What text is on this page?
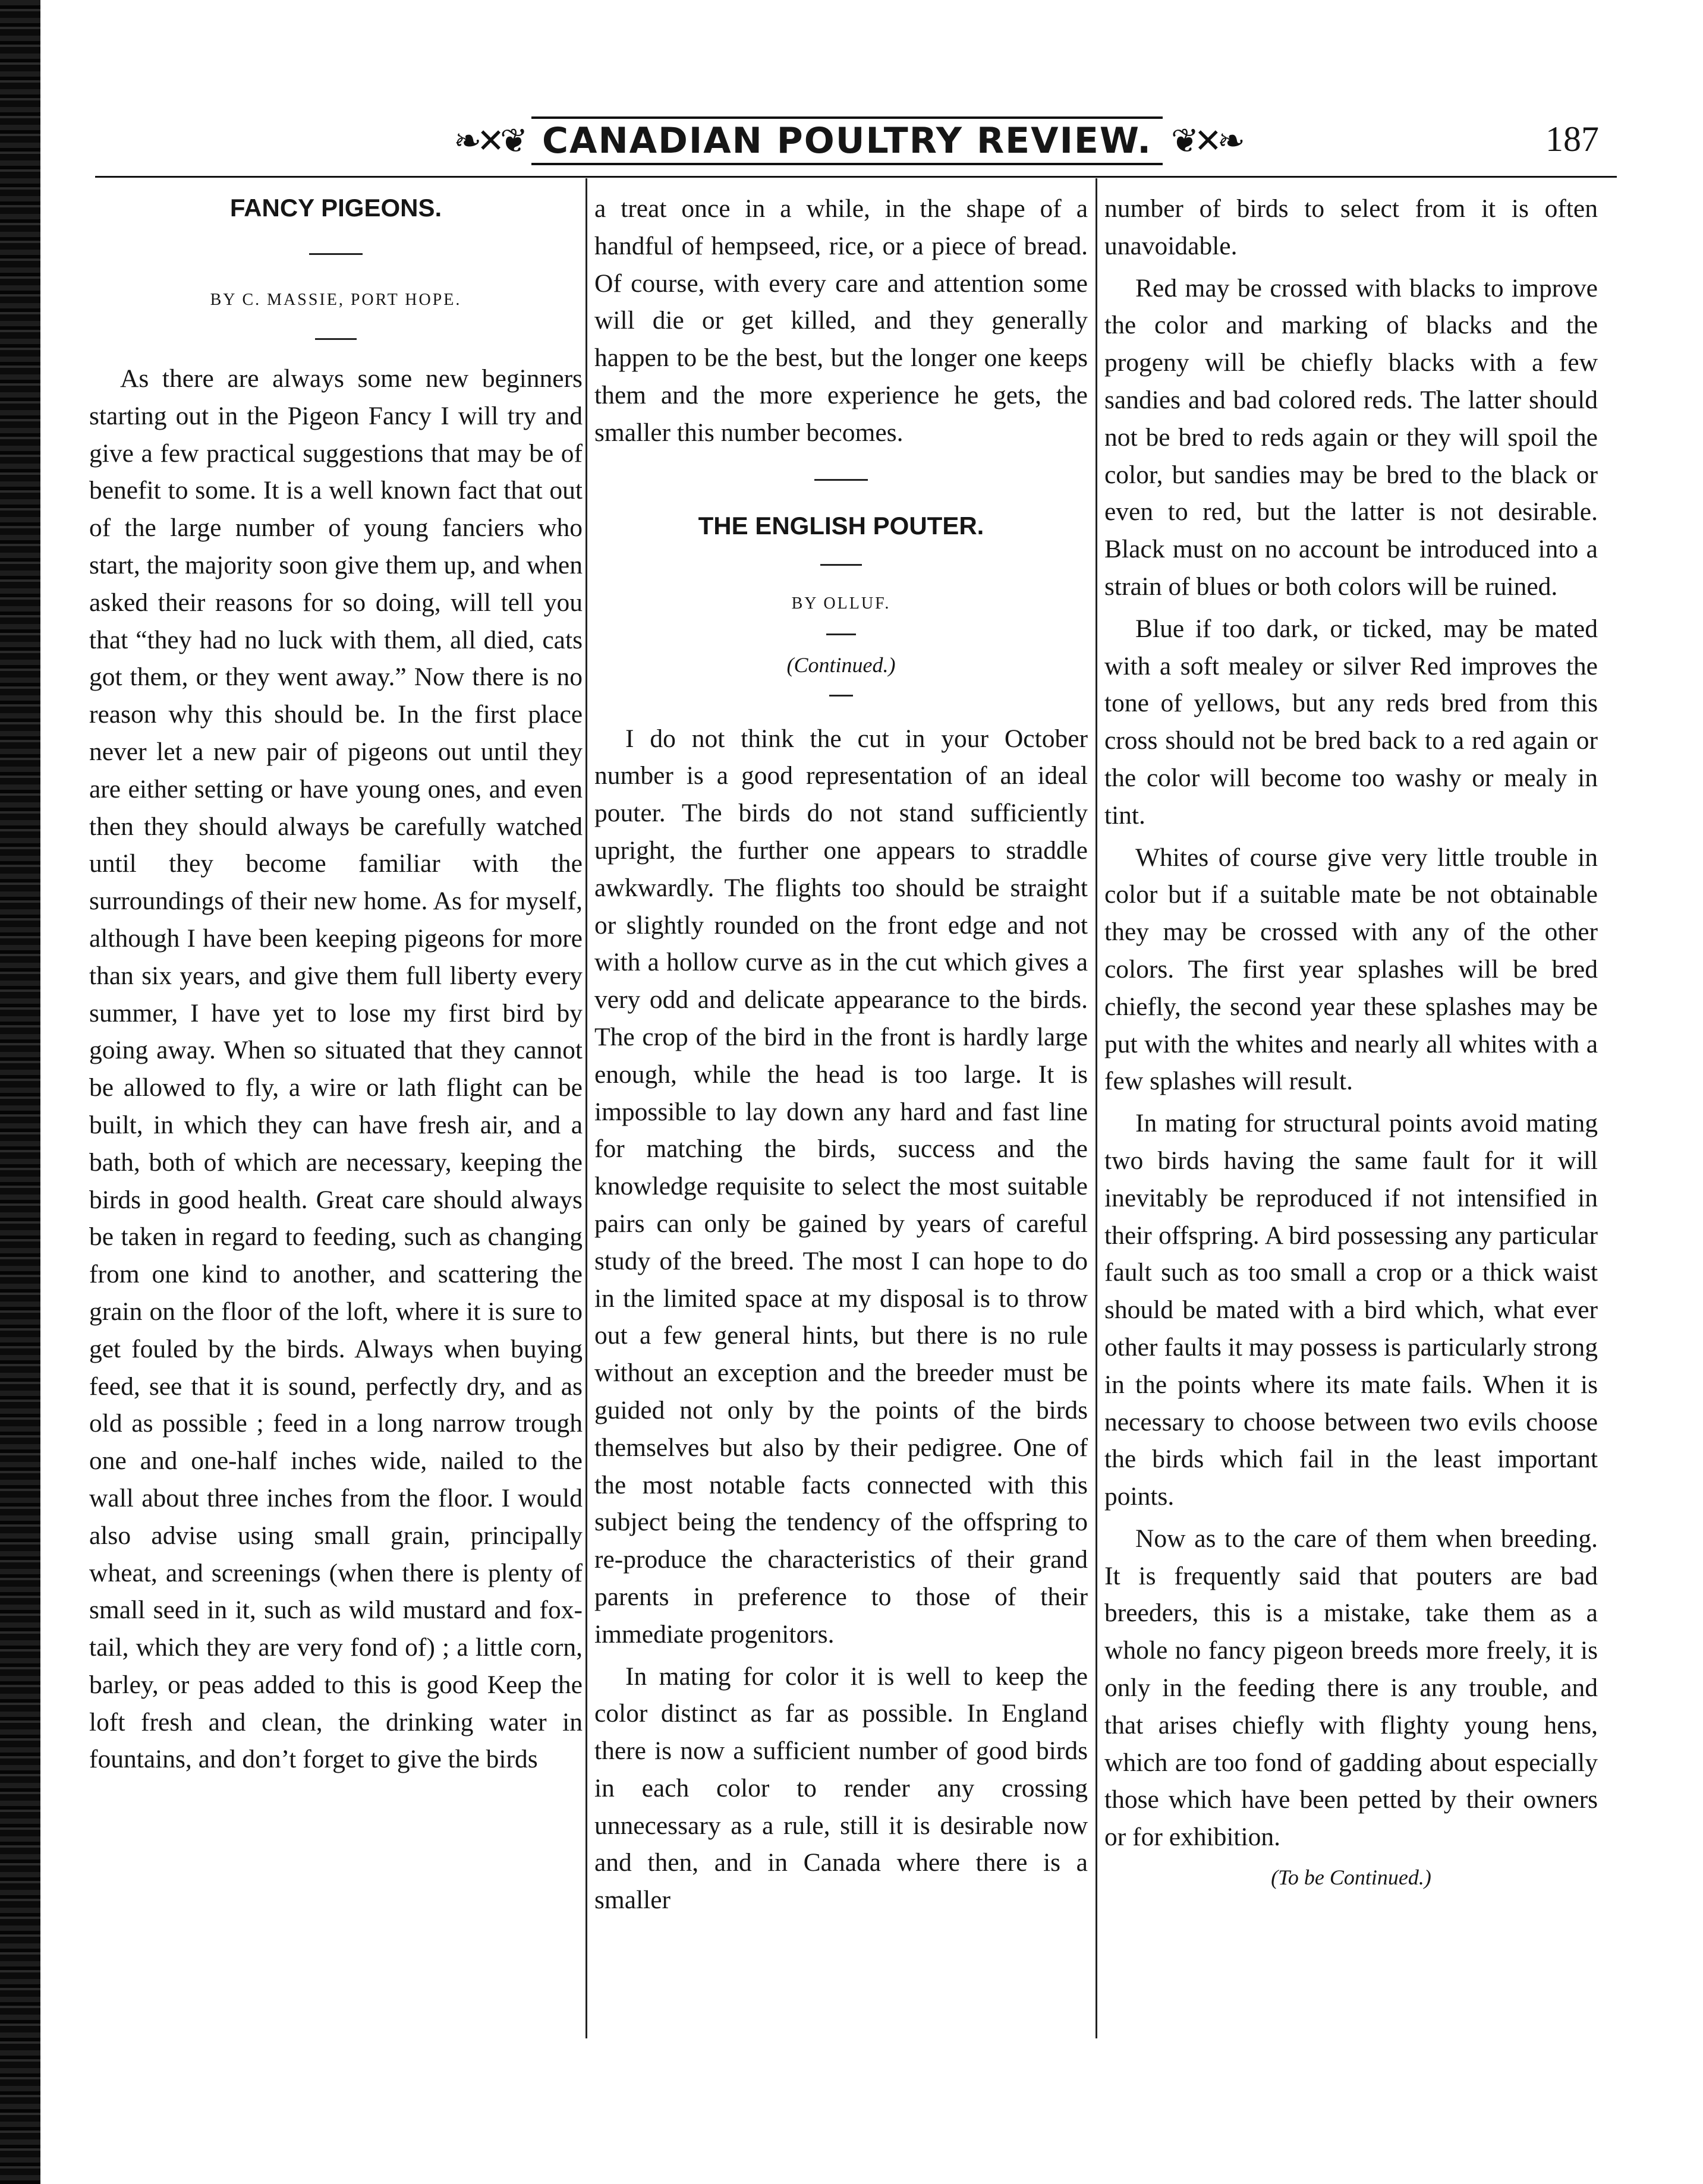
❧✕❦ CANADIAN POULTRY REVIEW. ❦✕❧	187
FANCY PIGEONS.

BY C. MASSIE, PORT HOPE.

As there are always some new beginners starting out in the Pigeon Fancy I will try and give a few practical suggestions that may be of benefit to some. It is a well known fact that out of the large number of young fanciers who start, the majority soon give them up, and when asked their reasons for so doing, will tell you that “they had no luck with them, all died, cats got them, or they went away.” Now there is no reason why this should be. In the first place never let a new pair of pigeons out until they are either setting or have young ones, and even then they should always be carefully watched until they become familiar with the surroundings of their new home. As for myself, although I have been keeping pigeons for more than six years, and give them full liberty every summer, I have yet to lose my first bird by going away. When so situated that they cannot be allowed to fly, a wire or lath flight can be built, in which they can have fresh air, and a bath, both of which are necessary, keeping the birds in good health. Great care should always be taken in regard to feeding, such as changing from one kind to another, and scattering the grain on the floor of the loft, where it is sure to get fouled by the birds. Always when buying feed, see that it is sound, perfectly dry, and as old as possible ; feed in a long narrow trough one and one-half inches wide, nailed to the wall about three inches from the floor. I would also advise using small grain, principally wheat, and screenings (when there is plenty of small seed in it, such as wild mustard and fox-tail, which they are very fond of) ; a little corn, barley, or peas added to this is good Keep the loft fresh and clean, the drinking water in fountains, and don’t forget to give the birds

a treat once in a while, in the shape of a handful of hempseed, rice, or a piece of bread. Of course, with every care and attention some will die or get killed, and they generally happen to be the best, but the longer one keeps them and the more experience he gets, the smaller this number becomes.

THE ENGLISH POUTER.

BY OLLUF.

(Continued.)

I do not think the cut in your October number is a good representation of an ideal pouter. The birds do not stand sufficiently upright, the further one appears to straddle awkwardly. The flights too should be straight or slightly rounded on the front edge and not with a hollow curve as in the cut which gives a very odd and delicate appearance to the birds. The crop of the bird in the front is hardly large enough, while the head is too large. It is impossible to lay down any hard and fast line for matching the birds, success and the knowledge requisite to select the most suitable pairs can only be gained by years of careful study of the breed. The most I can hope to do in the limited space at my disposal is to throw out a few general hints, but there is no rule without an exception and the breeder must be guided not only by the points of the birds themselves but also by their pedigree. One of the most notable facts connected with this subject being the tendency of the offspring to re-produce the characteristics of their grand parents in preference to those of their immediate progenitors.

In mating for color it is well to keep the color distinct as far as possible. In England there is now a sufficient number of good birds in each color to render any crossing unnecessary as a rule, still it is desirable now and then, and in Canada where there is a smaller

number of birds to select from it is often unavoidable.

Red may be crossed with blacks to improve the color and marking of blacks and the progeny will be chiefly blacks with a few sandies and bad colored reds. The latter should not be bred to reds again or they will spoil the color, but sandies may be bred to the black or even to red, but the latter is not desirable. Black must on no account be introduced into a strain of blues or both colors will be ruined.

Blue if too dark, or ticked, may be mated with a soft mealey or silver Red improves the tone of yellows, but any reds bred from this cross should not be bred back to a red again or the color will become too washy or mealy in tint.

Whites of course give very little trouble in color but if a suitable mate be not obtainable they may be crossed with any of the other colors. The first year splashes will be bred chiefly, the second year these splashes may be put with the whites and nearly all whites with a few splashes will result.

In mating for structural points avoid mating two birds having the same fault for it will inevitably be reproduced if not intensified in their offspring. A bird possessing any particular fault such as too small a crop or a thick waist should be mated with a bird which, what ever other faults it may possess is particularly strong in the points where its mate fails. When it is necessary to choose between two evils choose the birds which fail in the least important points.

Now as to the care of them when breeding. It is frequently said that pouters are bad breeders, this is a mistake, take them as a whole no fancy pigeon breeds more freely, it is only in the feeding there is any trouble, and that arises chiefly with flighty young hens, which are too fond of gadding about especially those which have been petted by their owners or for exhibition.

(To be Continued.)
